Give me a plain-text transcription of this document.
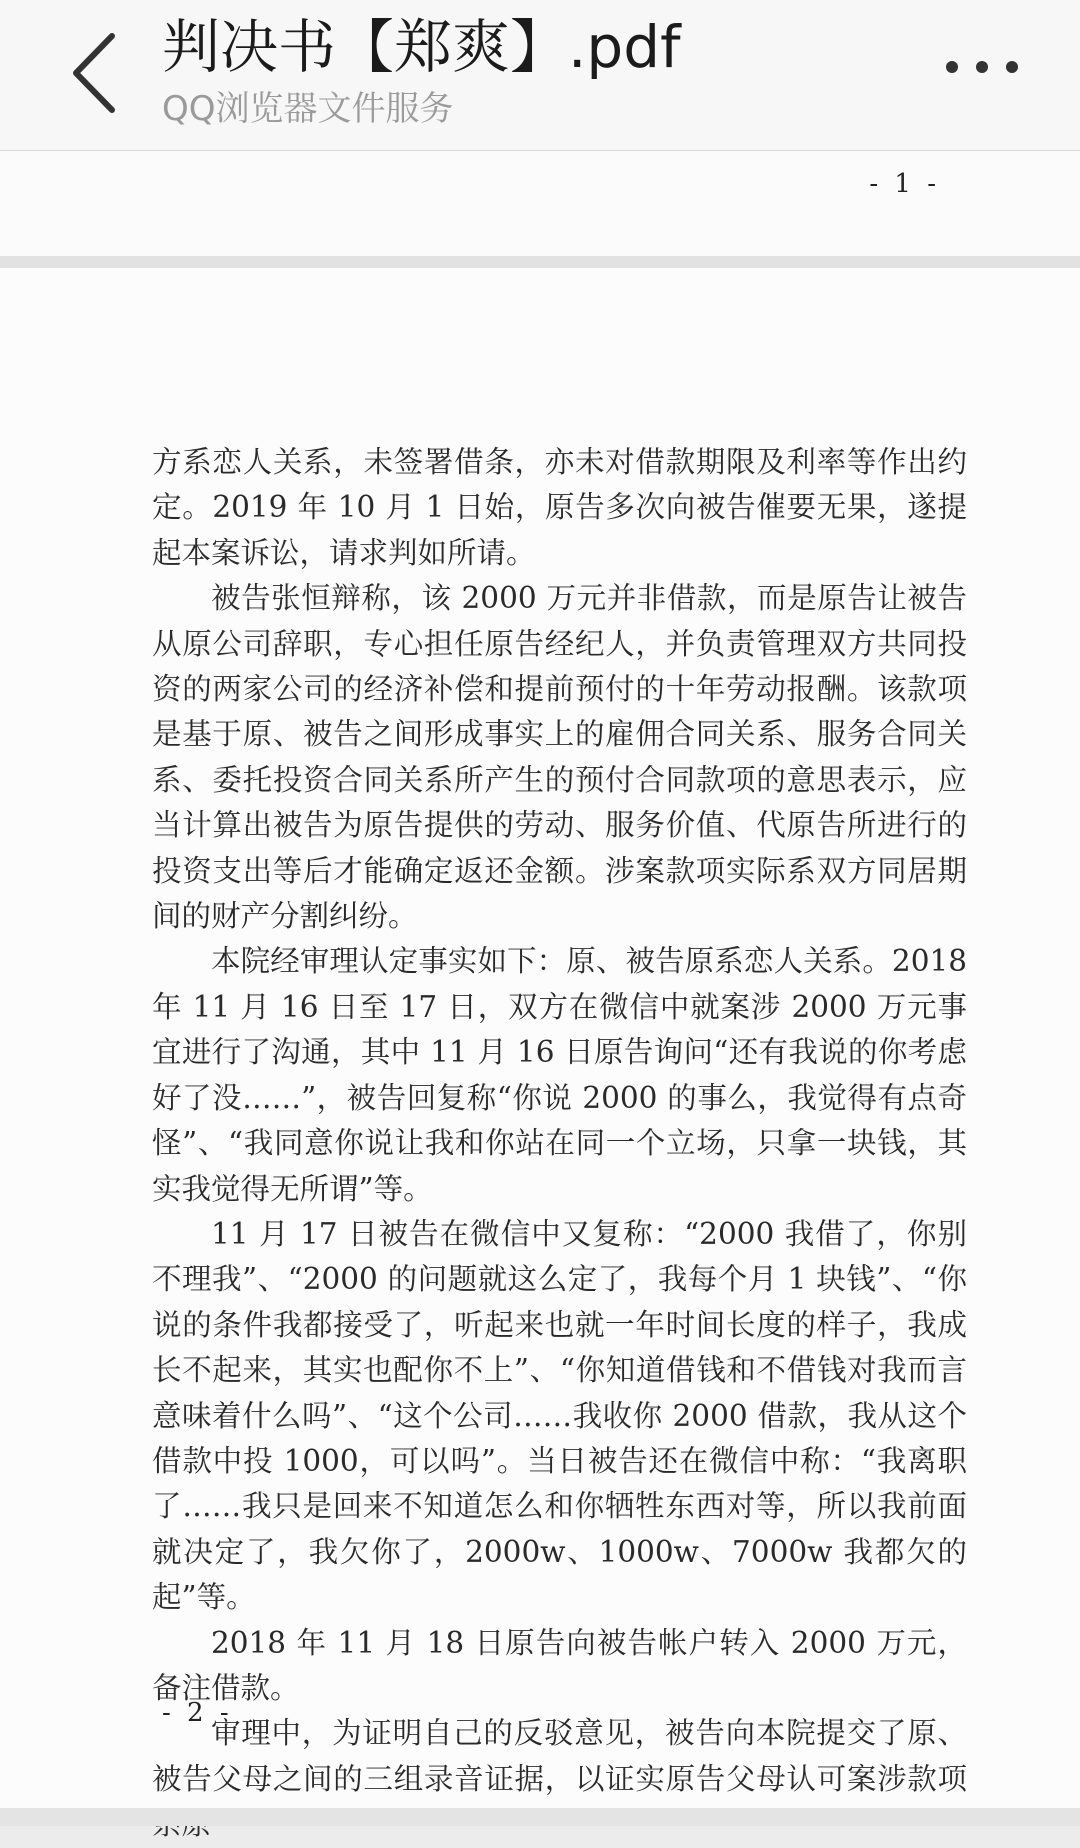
判决书【郑爽】.pdf
QQ浏览器文件服务
- 1 -

方系恋人关系，未签署借条，亦未对借款期限及利率等作出约定。2019 年 10 月 1 日始，原告多次向被告催要无果，遂提起本案诉讼，请求判如所请。

被告张恒辩称，该 2000 万元并非借款，而是原告让被告从原公司辞职，专心担任原告经纪人，并负责管理双方共同投资的两家公司的经济补偿和提前预付的十年劳动报酬。该款项是基于原、被告之间形成事实上的雇佣合同关系、服务合同关系、委托投资合同关系所产生的预付合同款项的意思表示，应当计算出被告为原告提供的劳动、服务价值、代原告所进行的投资支出等后才能确定返还金额。涉案款项实际系双方同居期间的财产分割纠纷。

本院经审理认定事实如下：原、被告原系恋人关系。2018 年 11 月 16 日至 17 日，双方在微信中就案涉 2000 万元事宜进行了沟通，其中 11 月 16 日原告询问“还有我说的你考虑好了没……”，被告回复称“你说 2000 的事么，我觉得有点奇怪”、“我同意你说让我和你站在同一个立场，只拿一块钱，其实我觉得无所谓”等。

11 月 17 日被告在微信中又复称：“2000 我借了，你别不理我”、“2000 的问题就这么定了，我每个月 1 块钱”、“你说的条件我都接受了，听起来也就一年时间长度的样子，我成长不起来，其实也配你不上”、“你知道借钱和不借钱对我而言意味着什么吗”、“这个公司……我收你 2000 借款，我从这个借款中投 1000，可以吗”。当日被告还在微信中称：“我离职了……我只是回来不知道怎么和你牺牲东西对等，所以我前面就决定了，我欠你了，2000w、1000w、7000w 我都欠的起”等。

2018 年 11 月 18 日原告向被告帐户转入 2000 万元，备注借款。

审理中，为证明自己的反驳意见，被告向本院提交了原、被告父母之间的三组录音证据，以证实原告父母认可案涉款项

- 2 -
